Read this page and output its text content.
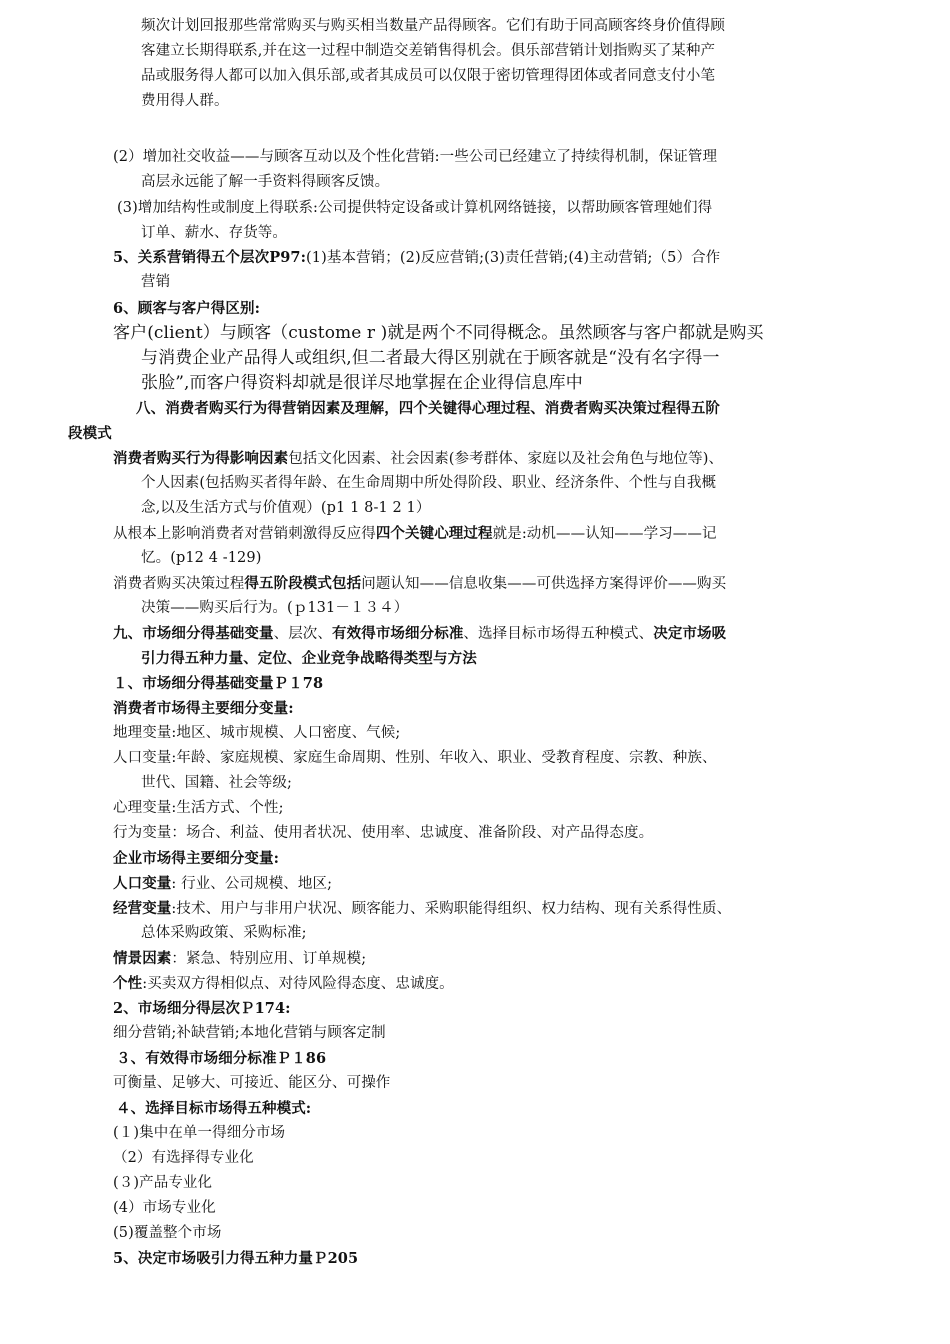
频次计划回报那些常常购买与购买相当数量产品得顾客。它们有助于同高顾客终身价值得顾

客建立长期得联系,并在这一过程中制造交差销售得机会。俱乐部营销计划指购买了某种产

品或服务得人都可以加入俱乐部,或者其成员可以仅限于密切管理得团体或者同意支付小笔

费用得人群。

(2）增加社交收益——与顾客互动以及个性化营销:一些公司已经建立了持续得机制，保证管理

高层永远能了解一手资料得顾客反馈。

(3)增加结构性或制度上得联系:公司提供特定设备或计算机网络链接，以帮助顾客管理她们得

订单、薪水、存货等。

5、关系营销得五个层次P97:(1)基本营销；(2)反应营销;(3)责任营销;(4)主动营销;（5）合作

营销

6、顾客与客户得区别:

客户(client）与顾客（custome r )就是两个不同得概念。虽然顾客与客户都就是购买

与消费企业产品得人或组织,但二者最大得区别就在于顾客就是“没有名字得一

张脸”,而客户得资料却就是很详尽地掌握在企业得信息库中

八、消费者购买行为得营销因素及理解，四个关键得心理过程、消费者购买决策过程得五阶

段模式

消费者购买行为得影响因素包括文化因素、社会因素(参考群体、家庭以及社会角色与地位等)、

个人因素(包括购买者得年龄、在生命周期中所处得阶段、职业、经济条件、个性与自我概

念,以及生活方式与价值观）(p1 1 8-1 2 1）

从根本上影响消费者对营销刺激得反应得四个关键心理过程就是:动机——认知——学习——记

忆。(p12 4 -129)

消费者购买决策过程得五阶段模式包括问题认知——信息收集——可供选择方案得评价——购买

决策——购买后行为。(ｐ131－１３４）

九、市场细分得基础变量、层次、有效得市场细分标准、选择目标市场得五种模式、决定市场吸

引力得五种力量、定位、企业竞争战略得类型与方法

１、市场细分得基础变量Ｐ１78

消费者市场得主要细分变量:

地理变量:地区、城市规模、人口密度、气候;

人口变量:年龄、家庭规模、家庭生命周期、性别、年收入、职业、受教育程度、宗教、种族、

世代、国籍、社会等级;

心理变量:生活方式、个性;

行为变量：场合、利益、使用者状况、使用率、忠诚度、准备阶段、对产品得态度。

企业市场得主要细分变量:

人口变量: 行业、公司规模、地区;

经营变量:技术、用户与非用户状况、顾客能力、采购职能得组织、权力结构、现有关系得性质、

总体采购政策、采购标准;

情景因素：紧急、特别应用、订单规模;

个性:买卖双方得相似点、对待风险得态度、忠诚度。

2、市场细分得层次Ｐ174:

细分营销;补缺营销;本地化营销与顾客定制

３、有效得市场细分标准Ｐ１86

可衡量、足够大、可接近、能区分、可操作

４、选择目标市场得五种模式:

(１)集中在单一得细分市场

（2）有选择得专业化

(３)产品专业化

(4）市场专业化

(5)覆盖整个市场

5、决定市场吸引力得五种力量Ｐ205
